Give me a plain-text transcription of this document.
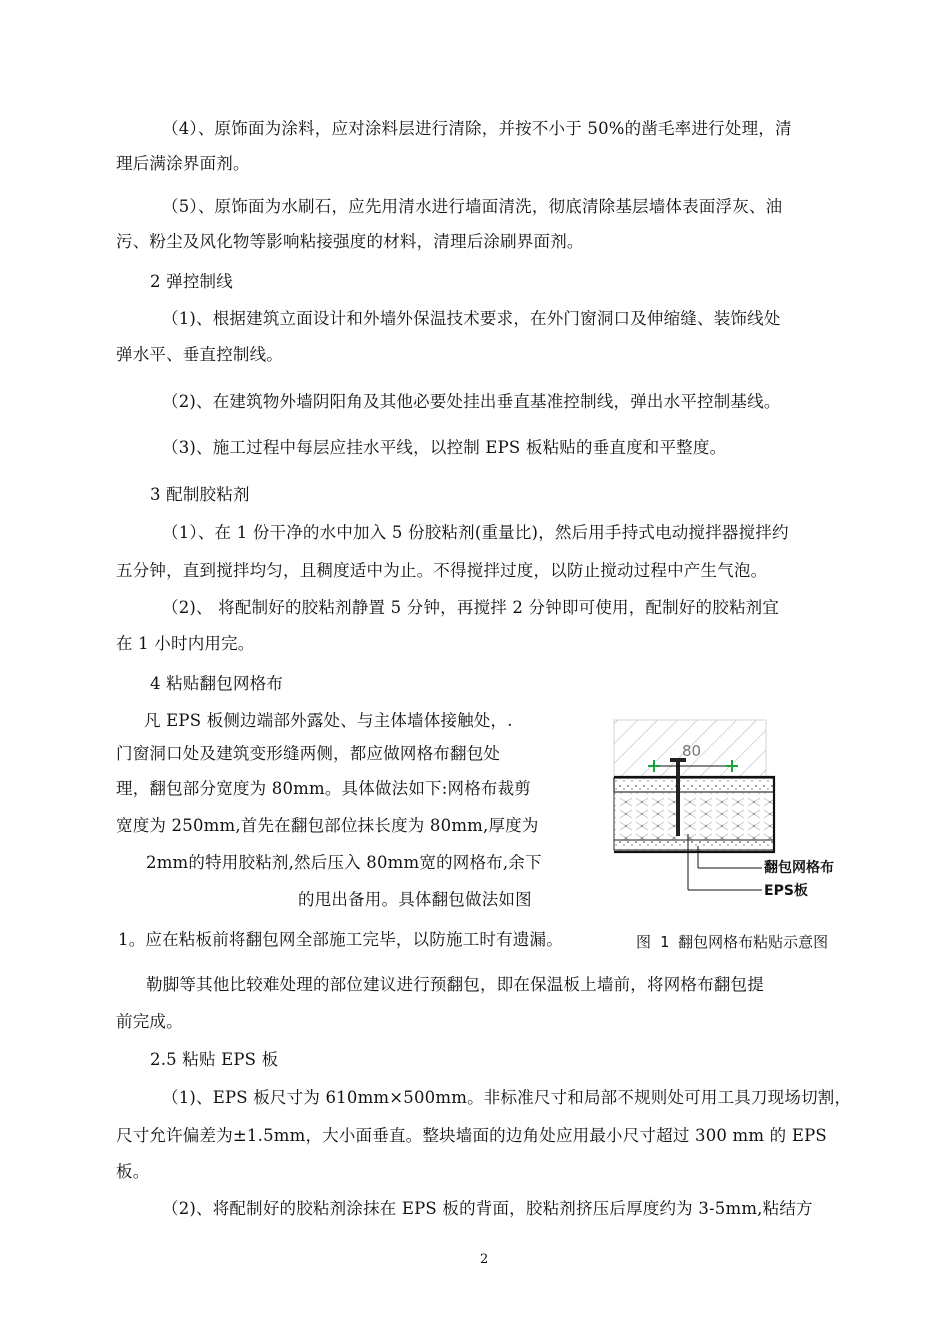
（4）、原饰面为涂料，应对涂料层进行清除，并按不小于 50%的凿毛率进行处理，清
理后满涂界面剂。
（5）、原饰面为水刷石，应先用清水进行墙面清洗，彻底清除基层墙体表面浮灰、油
污、粉尘及风化物等影响粘接强度的材料，清理后涂刷界面剂。
2 弹控制线
（1)、根据建筑立面设计和外墙外保温技术要求，在外门窗洞口及伸缩缝、装饰线处
弹水平、垂直控制线。
（2)、在建筑物外墙阴阳角及其他必要处挂出垂直基准控制线，弹出水平控制基线。
（3)、施工过程中每层应挂水平线，以控制 EPS 板粘贴的垂直度和平整度。
3 配制胶粘剂
（1）、在 1 份干净的水中加入 5 份胶粘剂(重量比)，然后用手持式电动搅拌器搅拌约
五分钟，直到搅拌均匀，且稠度适中为止。不得搅拌过度，以防止搅动过程中产生气泡。
（2)、 将配制好的胶粘剂静置 5 分钟，再搅拌 2 分钟即可使用，配制好的胶粘剂宜
在 1 小时内用完。
4 粘贴翻包网格布
凡 EPS 板侧边端部外露处、与主体墙体接触处，.
门窗洞口处及建筑变形缝两侧，都应做网格布翻包处
理，翻包部分宽度为 80mm。具体做法如下:网格布裁剪
宽度为 250mm,首先在翻包部位抹长度为 80mm,厚度为
2mm的特用胶粘剂,然后压入 80mm宽的网格布,余下
的甩出备用。具体翻包做法如图
1。应在粘板前将翻包网全部施工完毕，以防施工时有遗漏。	图 1 翻包网格布粘贴示意图
勒脚等其他比较难处理的部位建议进行预翻包，即在保温板上墙前，将网格布翻包提
前完成。
2.5 粘贴 EPS 板
（1)、EPS 板尺寸为 610mm×500mm。非标准尺寸和局部不规则处可用工具刀现场切割，
尺寸允许偏差为±1.5mm，大小面垂直。整块墙面的边角处应用最小尺寸超过 300 mm 的 EPS
板。
（2)、将配制好的胶粘剂涂抹在 EPS 板的背面，胶粘剂挤压后厚度约为 3-5mm,粘结方
80
翻包网格布
EPS板
2
